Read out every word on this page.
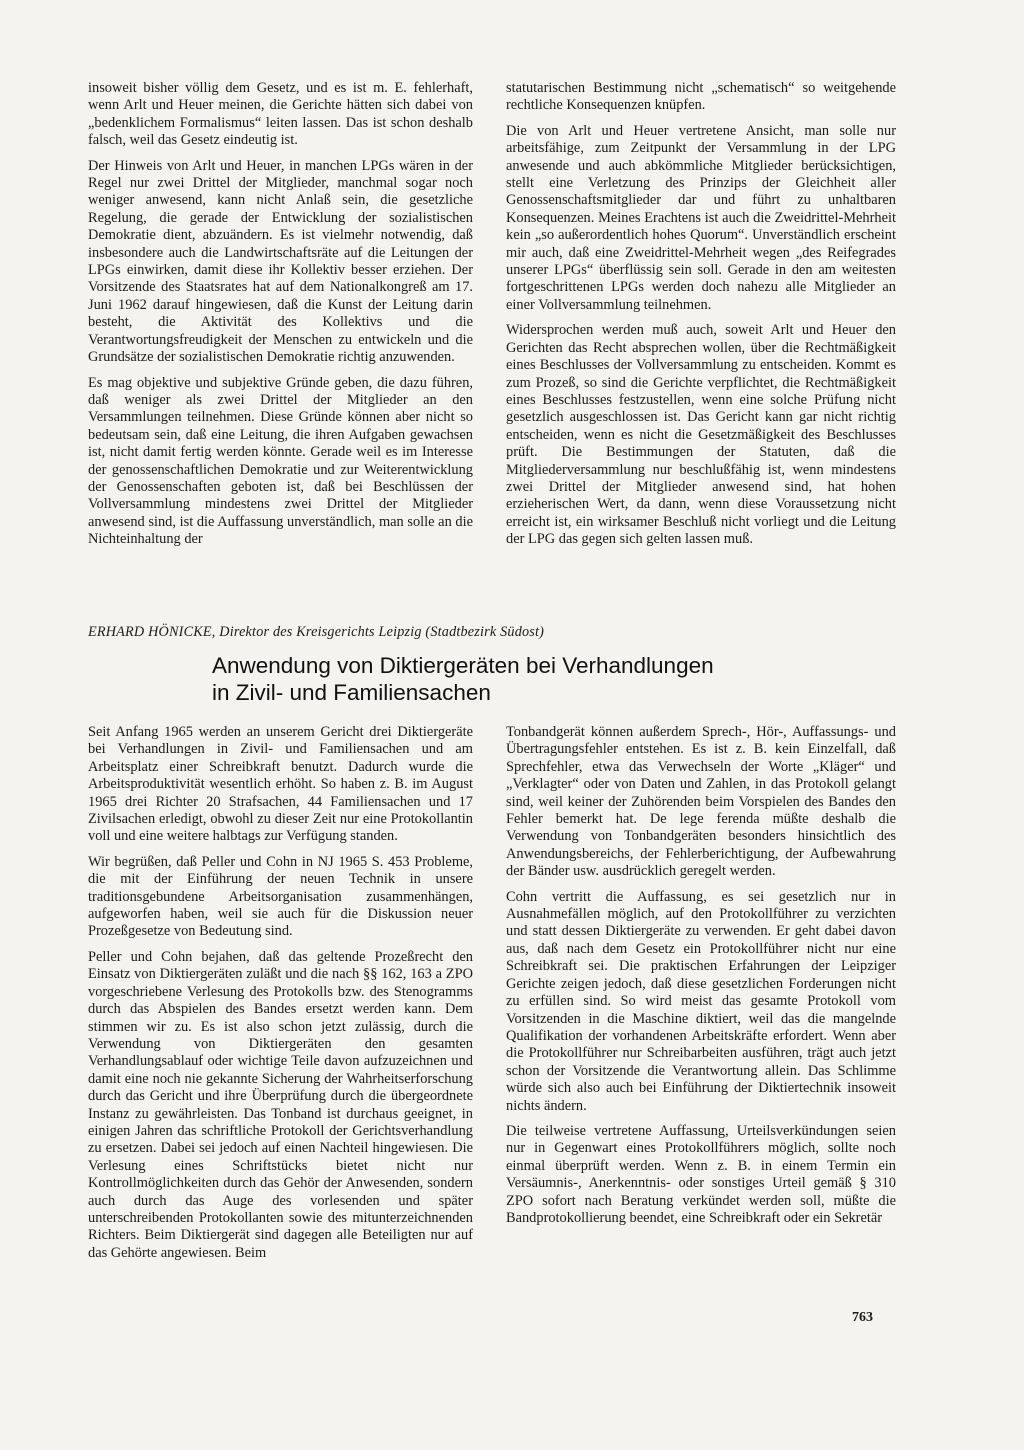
insoweit bisher völlig dem Gesetz, und es ist m. E. fehlerhaft, wenn Arlt und Heuer meinen, die Gerichte hätten sich dabei von „bedenklichem Formalismus“ leiten lassen. Das ist schon deshalb falsch, weil das Gesetz eindeutig ist.

Der Hinweis von Arlt und Heuer, in manchen LPGs wären in der Regel nur zwei Drittel der Mitglieder, manchmal sogar noch weniger anwesend, kann nicht Anlaß sein, die gesetzliche Regelung, die gerade der Entwicklung der sozialistischen Demokratie dient, abzuändern. Es ist vielmehr notwendig, daß insbesondere auch die Landwirtschaftsräte auf die Leitungen der LPGs einwirken, damit diese ihr Kollektiv besser erziehen. Der Vorsitzende des Staatsrates hat auf dem Nationalkongreß am 17. Juni 1962 darauf hingewiesen, daß die Kunst der Leitung darin besteht, die Aktivität des Kollektivs und die Verantwortungsfreudigkeit der Menschen zu entwickeln und die Grundsätze der sozialistischen Demokratie richtig anzuwenden.

Es mag objektive und subjektive Gründe geben, die dazu führen, daß weniger als zwei Drittel der Mitglieder an den Versammlungen teilnehmen. Diese Gründe können aber nicht so bedeutsam sein, daß eine Leitung, die ihren Aufgaben gewachsen ist, nicht damit fertig werden könnte. Gerade weil es im Interesse der genossenschaftlichen Demokratie und zur Weiterentwicklung der Genossenschaften geboten ist, daß bei Beschlüssen der Vollversammlung mindestens zwei Drittel der Mitglieder anwesend sind, ist die Auffassung unverständlich, man solle an die Nichteinhaltung der

statutarischen Bestimmung nicht „schematisch“ so weitgehende rechtliche Konsequenzen knüpfen.

Die von Arlt und Heuer vertretene Ansicht, man solle nur arbeitsfähige, zum Zeitpunkt der Versammlung in der LPG anwesende und auch abkömmliche Mitglieder berücksichtigen, stellt eine Verletzung des Prinzips der Gleichheit aller Genossenschaftsmitglieder dar und führt zu unhaltbaren Konsequenzen. Meines Erachtens ist auch die Zweidrittel-Mehrheit kein „so außerordentlich hohes Quorum“. Unverständlich erscheint mir auch, daß eine Zweidrittel-Mehrheit wegen „des Reifegrades unserer LPGs“ überflüssig sein soll. Gerade in den am weitesten fortgeschrittenen LPGs werden doch nahezu alle Mitglieder an einer Vollversammlung teilnehmen.

Widersprochen werden muß auch, soweit Arlt und Heuer den Gerichten das Recht absprechen wollen, über die Rechtmäßigkeit eines Beschlusses der Vollversammlung zu entscheiden. Kommt es zum Prozeß, so sind die Gerichte verpflichtet, die Rechtmäßigkeit eines Beschlusses festzustellen, wenn eine solche Prüfung nicht gesetzlich ausgeschlossen ist. Das Gericht kann gar nicht richtig entscheiden, wenn es nicht die Gesetzmäßigkeit des Beschlusses prüft. Die Bestimmungen der Statuten, daß die Mitgliederversammlung nur beschlußfähig ist, wenn mindestens zwei Drittel der Mitglieder anwesend sind, hat hohen erzieherischen Wert, da dann, wenn diese Voraussetzung nicht erreicht ist, ein wirksamer Beschluß nicht vorliegt und die Leitung der LPG das gegen sich gelten lassen muß.

ERHARD HÖNICKE, Direktor des Kreisgerichts Leipzig (Stadtbezirk Südost)
Anwendung von Diktiergeräten bei Verhandlungen
in Zivil- und Familiensachen

Seit Anfang 1965 werden an unserem Gericht drei Diktiergeräte bei Verhandlungen in Zivil- und Familiensachen und am Arbeitsplatz einer Schreibkraft benutzt. Dadurch wurde die Arbeitsproduktivität wesentlich erhöht. So haben z. B. im August 1965 drei Richter 20 Strafsachen, 44 Familiensachen und 17 Zivilsachen erledigt, obwohl zu dieser Zeit nur eine Protokollantin voll und eine weitere halbtags zur Verfügung standen.

Wir begrüßen, daß Peller und Cohn in NJ 1965 S. 453 Probleme, die mit der Einführung der neuen Technik in unsere traditionsgebundene Arbeitsorganisation zusammenhängen, aufgeworfen haben, weil sie auch für die Diskussion neuer Prozeßgesetze von Bedeutung sind.

Peller und Cohn bejahen, daß das geltende Prozeßrecht den Einsatz von Diktiergeräten zuläßt und die nach §§ 162, 163 a ZPO vorgeschriebene Verlesung des Protokolls bzw. des Stenogramms durch das Abspielen des Bandes ersetzt werden kann. Dem stimmen wir zu. Es ist also schon jetzt zulässig, durch die Verwendung von Diktiergeräten den gesamten Verhandlungsablauf oder wichtige Teile davon aufzuzeichnen und damit eine noch nie gekannte Sicherung der Wahrheitserforschung durch das Gericht und ihre Überprüfung durch die übergeordnete Instanz zu gewährleisten. Das Tonband ist durchaus geeignet, in einigen Jahren das schriftliche Protokoll der Gerichtsverhandlung zu ersetzen. Dabei sei jedoch auf einen Nachteil hingewiesen. Die Verlesung eines Schriftstücks bietet nicht nur Kontrollmöglichkeiten durch das Gehör der Anwesenden, sondern auch durch das Auge des vorlesenden und später unterschreibenden Protokollanten sowie des mitunterzeichnenden Richters. Beim Diktiergerät sind dagegen alle Beteiligten nur auf das Gehörte angewiesen. Beim

Tonbandgerät können außerdem Sprech-, Hör-, Auffassungs- und Übertragungsfehler entstehen. Es ist z. B. kein Einzelfall, daß Sprechfehler, etwa das Verwechseln der Worte „Kläger“ und „Verklagter“ oder von Daten und Zahlen, in das Protokoll gelangt sind, weil keiner der Zuhörenden beim Vorspielen des Bandes den Fehler bemerkt hat. De lege ferenda müßte deshalb die Verwendung von Tonbandgeräten besonders hinsichtlich des Anwendungsbereichs, der Fehlerberichtigung, der Aufbewahrung der Bänder usw. ausdrücklich geregelt werden.

Cohn vertritt die Auffassung, es sei gesetzlich nur in Ausnahmefällen möglich, auf den Protokollführer zu verzichten und statt dessen Diktiergeräte zu verwenden. Er geht dabei davon aus, daß nach dem Gesetz ein Protokollführer nicht nur eine Schreibkraft sei. Die praktischen Erfahrungen der Leipziger Gerichte zeigen jedoch, daß diese gesetzlichen Forderungen nicht zu erfüllen sind. So wird meist das gesamte Protokoll vom Vorsitzenden in die Maschine diktiert, weil das die mangelnde Qualifikation der vorhandenen Arbeitskräfte erfordert. Wenn aber die Protokollführer nur Schreibarbeiten ausführen, trägt auch jetzt schon der Vorsitzende die Verantwortung allein. Das Schlimme würde sich also auch bei Einführung der Diktiertechnik insoweit nichts ändern.

Die teilweise vertretene Auffassung, Urteilsverkündungen seien nur in Gegenwart eines Protokollführers möglich, sollte noch einmal überprüft werden. Wenn z. B. in einem Termin ein Versäumnis-, Anerkenntnis- oder sonstiges Urteil gemäß § 310 ZPO sofort nach Beratung verkündet werden soll, müßte die Bandprotokollierung beendet, eine Schreibkraft oder ein Sekretär

763
